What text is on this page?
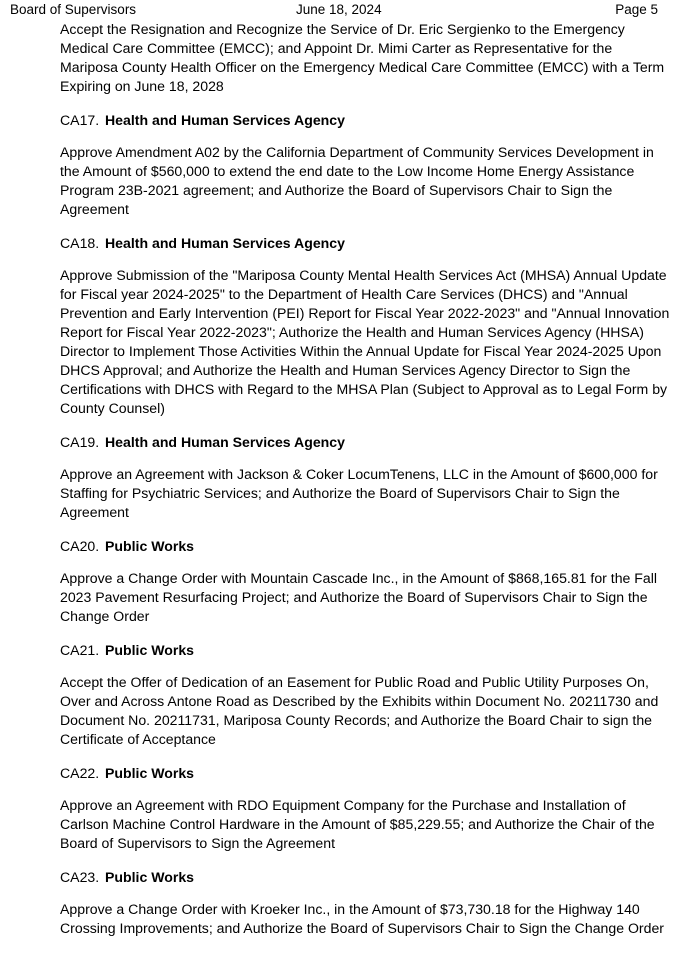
Board of Supervisors	June 18, 2024	Page 5

Accept the Resignation and Recognize the Service of Dr. Eric Sergienko to the Emergency Medical Care Committee (EMCC); and Appoint Dr. Mimi Carter as Representative for the Mariposa County Health Officer on the Emergency Medical Care Committee (EMCC) with a Term Expiring on June 18, 2028

CA17. Health and Human Services Agency

Approve Amendment A02 by the California Department of Community Services Development in the Amount of $560,000 to extend the end date to the Low Income Home Energy Assistance Program 23B-2021 agreement; and Authorize the Board of Supervisors Chair to Sign the Agreement

CA18. Health and Human Services Agency

Approve Submission of the "Mariposa County Mental Health Services Act (MHSA) Annual Update for Fiscal year 2024-2025" to the Department of Health Care Services (DHCS) and "Annual Prevention and Early Intervention (PEI) Report for Fiscal Year 2022-2023" and "Annual Innovation Report for Fiscal Year 2022-2023"; Authorize the Health and Human Services Agency (HHSA) Director to Implement Those Activities Within the Annual Update for Fiscal Year 2024-2025 Upon DHCS Approval; and Authorize the Health and Human Services Agency Director to Sign the Certifications with DHCS with Regard to the MHSA Plan (Subject to Approval as to Legal Form by County Counsel)

CA19. Health and Human Services Agency

Approve an Agreement with Jackson & Coker LocumTenens, LLC in the Amount of $600,000 for Staffing for Psychiatric Services; and Authorize the Board of Supervisors Chair to Sign the Agreement

CA20. Public Works

Approve a Change Order with Mountain Cascade Inc., in the Amount of $868,165.81 for the Fall 2023 Pavement Resurfacing Project; and Authorize the Board of Supervisors Chair to Sign the Change Order

CA21. Public Works

Accept the Offer of Dedication of an Easement for Public Road and Public Utility Purposes On, Over and Across Antone Road as Described by the Exhibits within Document No. 20211730 and Document No. 20211731, Mariposa County Records; and Authorize the Board Chair to sign the Certificate of Acceptance

CA22. Public Works

Approve an Agreement with RDO Equipment Company for the Purchase and Installation of Carlson Machine Control Hardware in the Amount of $85,229.55; and Authorize the Chair of the Board of Supervisors to Sign the Agreement

CA23. Public Works

Approve a Change Order with Kroeker Inc., in the Amount of $73,730.18 for the Highway 140 Crossing Improvements; and Authorize the Board of Supervisors Chair to Sign the Change Order
